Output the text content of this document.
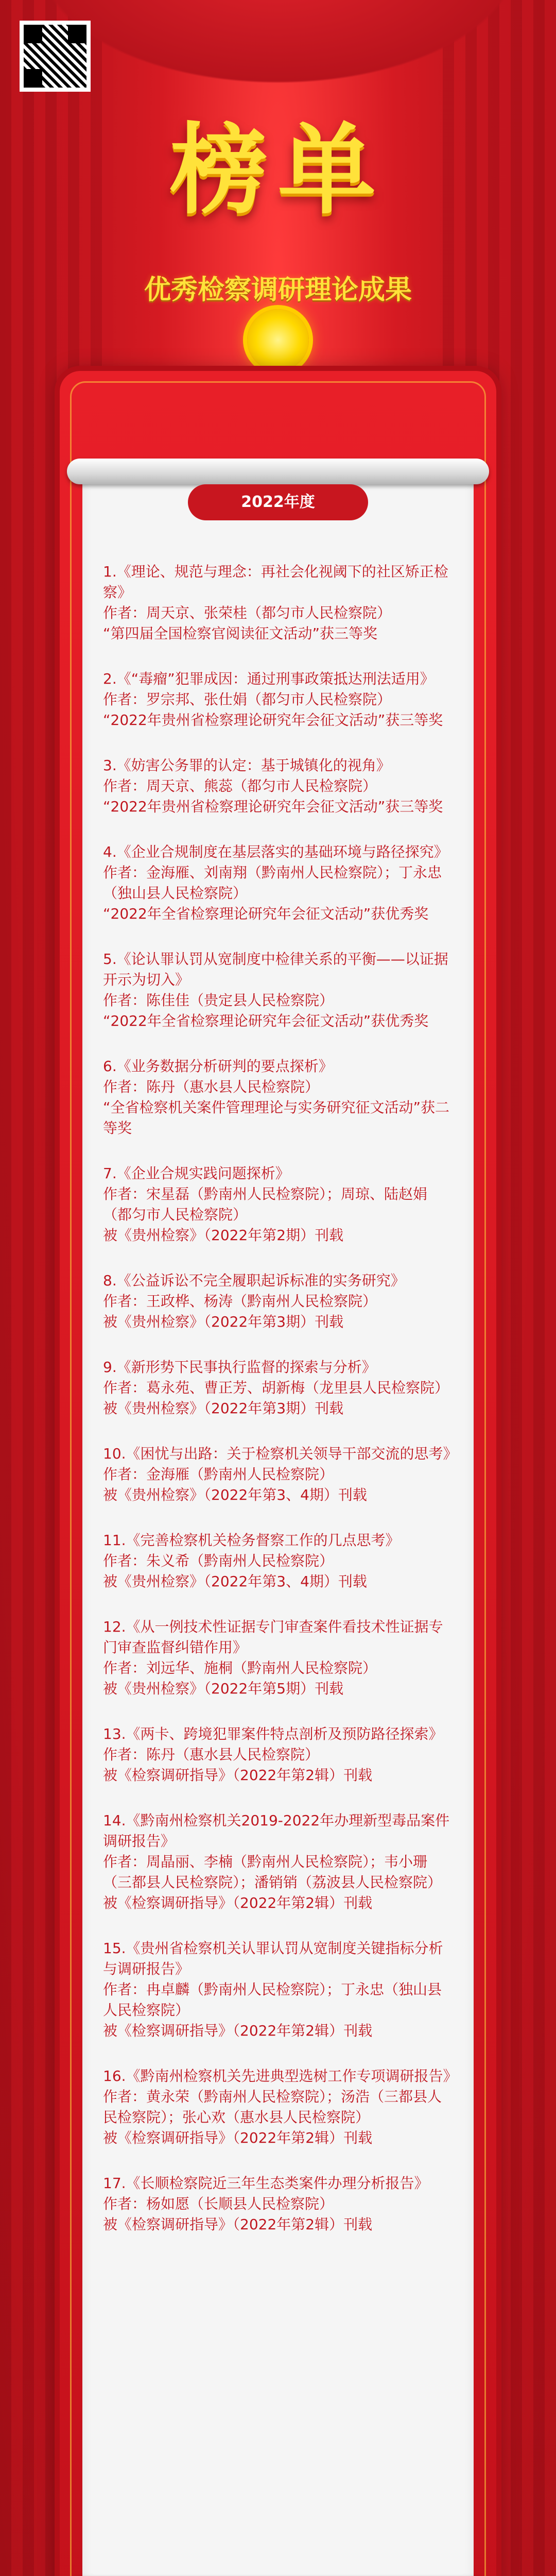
榜单
优秀检察调研理论成果
2022年度

1.《理论、规范与理念：再社会化视阈下的社区矫正检察》

作者：周天京、张荣桂（都匀市人民检察院）

“第四届全国检察官阅读征文活动”获三等奖

2.《“毒瘤”犯罪成因：通过刑事政策抵达刑法适用》

作者：罗宗邦、张仕娟（都匀市人民检察院）

“2022年贵州省检察理论研究年会征文活动”获三等奖

3.《妨害公务罪的认定：基于城镇化的视角》

作者：周天京、熊蕊（都匀市人民检察院）

“2022年贵州省检察理论研究年会征文活动”获三等奖

4.《企业合规制度在基层落实的基础环境与路径探究》

作者：金海雁、刘南翔（黔南州人民检察院）；丁永忠（独山县人民检察院）

“2022年全省检察理论研究年会征文活动”获优秀奖

5.《论认罪认罚从宽制度中检律关系的平衡——以证据开示为切入》

作者：陈佳佳（贵定县人民检察院）

“2022年全省检察理论研究年会征文活动”获优秀奖

6.《业务数据分析研判的要点探析》

作者：陈丹（惠水县人民检察院）

“全省检察机关案件管理理论与实务研究征文活动”获二等奖

7.《企业合规实践问题探析》

作者：宋星磊（黔南州人民检察院）；周琼、陆赵娟（都匀市人民检察院）

被《贵州检察》（2022年第2期）刊载

8.《公益诉讼不完全履职起诉标准的实务研究》

作者：王政桦、杨涛（黔南州人民检察院）

被《贵州检察》（2022年第3期）刊载

9.《新形势下民事执行监督的探索与分析》

作者：葛永苑、曹正芳、胡新梅（龙里县人民检察院）

被《贵州检察》（2022年第3期）刊载

10.《困忧与出路：关于检察机关领导干部交流的思考》

作者：金海雁（黔南州人民检察院）

被《贵州检察》（2022年第3、4期）刊载

11.《完善检察机关检务督察工作的几点思考》

作者：朱义希（黔南州人民检察院）

被《贵州检察》（2022年第3、4期）刊载

12.《从一例技术性证据专门审查案件看技术性证据专门审查监督纠错作用》

作者：刘远华、施桐（黔南州人民检察院）

被《贵州检察》（2022年第5期）刊载

13.《两卡、跨境犯罪案件特点剖析及预防路径探索》

作者：陈丹（惠水县人民检察院）

被《检察调研指导》（2022年第2辑）刊载

14.《黔南州检察机关2019-2022年办理新型毒品案件调研报告》

作者：周晶丽、李楠（黔南州人民检察院）；韦小珊（三都县人民检察院）；潘销销（荔波县人民检察院）

被《检察调研指导》（2022年第2辑）刊载

15.《贵州省检察机关认罪认罚从宽制度关键指标分析与调研报告》

作者：冉卓麟（黔南州人民检察院）；丁永忠（独山县人民检察院）

被《检察调研指导》（2022年第2辑）刊载

16.《黔南州检察机关先进典型选树工作专项调研报告》

作者：黄永荣（黔南州人民检察院）；汤浩（三都县人民检察院）；张心欢（惠水县人民检察院）

被《检察调研指导》（2022年第2辑）刊载

17.《长顺检察院近三年生态类案件办理分析报告》

作者：杨如愿（长顺县人民检察院）

被《检察调研指导》（2022年第2辑）刊载
